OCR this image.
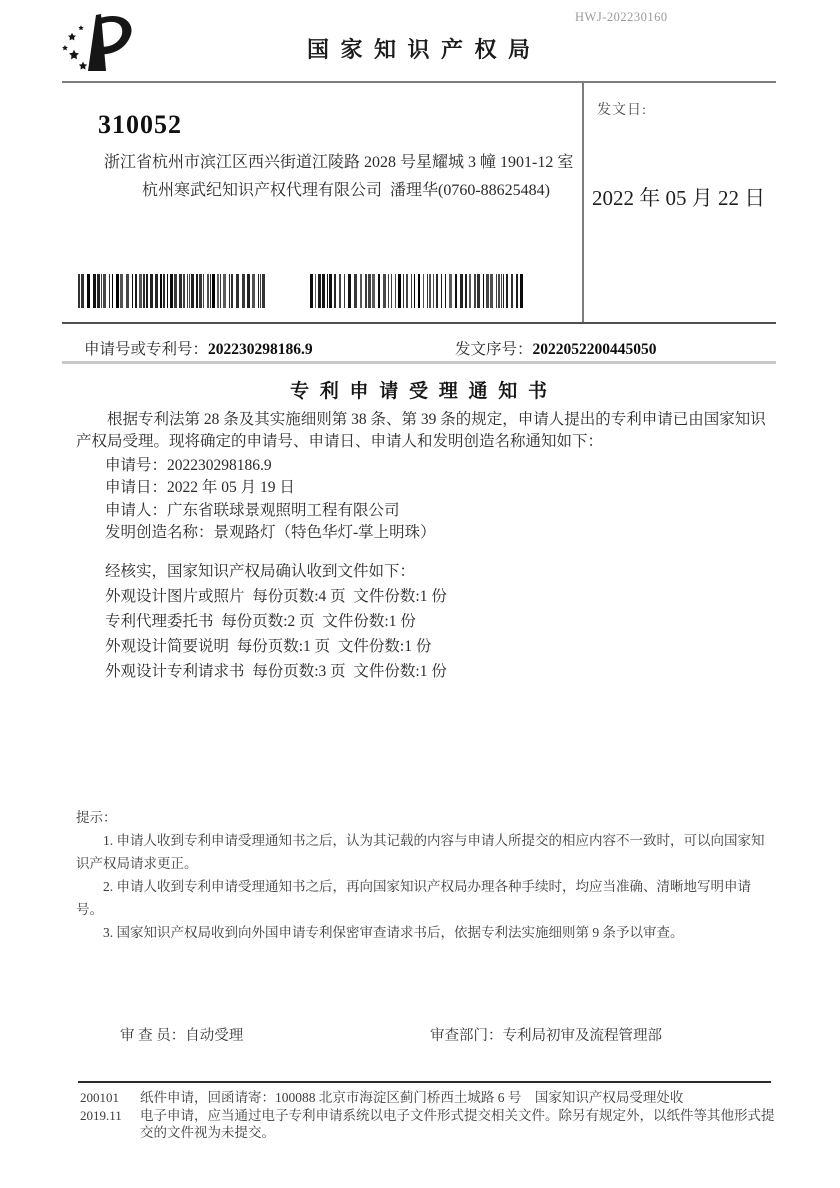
HWJ-202230160
国 家 知 识 产 权 局
310052
浙江省杭州市滨江区西兴街道江陵路 2028 号星耀城 3 幢 1901-12 室
杭州寒武纪知识产权代理有限公司  潘理华(0760-88625484)
发文日:
2022 年 05 月 22 日
申请号或专利号：202230298186.9	发文序号：2022052200445050
专 利 申 请 受 理 通 知 书

根据专利法第 28 条及其实施细则第 38 条、第 39 条的规定，申请人提出的专利申请已由国家知识产权局受理。现将确定的申请号、申请日、申请人和发明创造名称通知如下：

申请号：202230298186.9
申请日：2022 年 05 月 19 日
申请人：广东省联球景观照明工程有限公司
发明创造名称：景观路灯（特色华灯-掌上明珠）
经核实，国家知识产权局确认收到文件如下：
外观设计图片或照片  每份页数:4 页  文件份数:1 份
专利代理委托书  每份页数:2 页  文件份数:1 份
外观设计简要说明  每份页数:1 页  文件份数:1 份
外观设计专利请求书  每份页数:3 页  文件份数:1 份

提示：

1. 申请人收到专利申请受理通知书之后，认为其记载的内容与申请人所提交的相应内容不一致时，可以向国家知识产权局请求更正。

2. 申请人收到专利申请受理通知书之后，再向国家知识产权局办理各种手续时，均应当准确、清晰地写明申请号。

3. 国家知识产权局收到向外国申请专利保密审查请求书后，依据专利法实施细则第 9 条予以审查。

审 查 员：自动受理	审查部门：专利局初审及流程管理部
200101
2019.11

纸件申请，回函请寄：100088 北京市海淀区蓟门桥西土城路 6 号　国家知识产权局受理处收

电子申请，应当通过电子专利申请系统以电子文件形式提交相关文件。除另有规定外，以纸件等其他形式提交的文件视为未提交。
